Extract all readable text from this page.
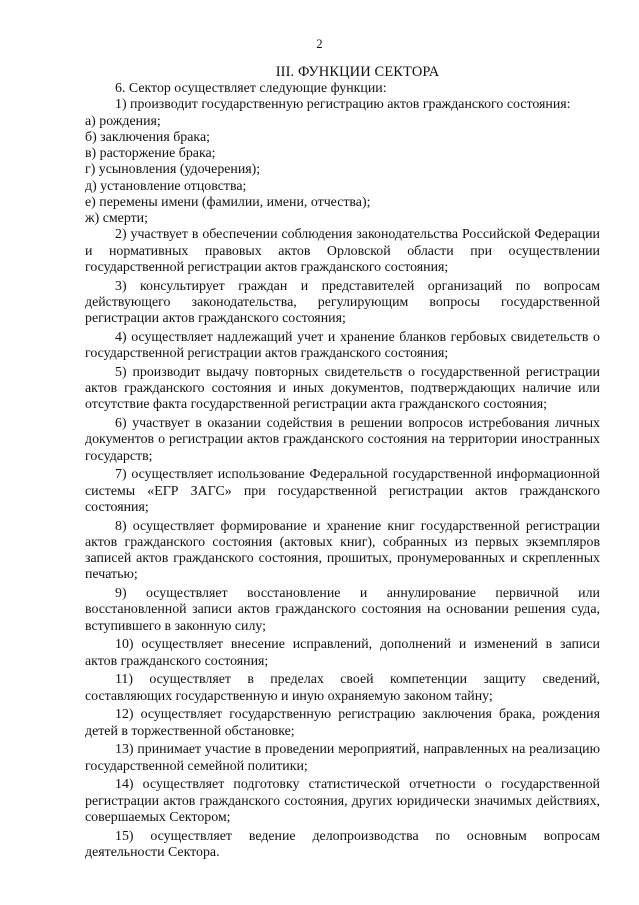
2
III. ФУНКЦИИ СЕКТОРА

6. Сектор осуществляет следующие функции:

1) производит государственную регистрацию актов гражданского состояния:

а) рождения;

б) заключения брака;

в) расторжение брака;

г) усыновления (удочерения);

д) установление отцовства;

е) перемены имени (фамилии, имени, отчества);

ж) смерти;

2) участвует в обеспечении соблюдения законодательства Российской Федерации и нормативных правовых актов Орловской области при осуществлении государственной регистрации актов гражданского состояния;

3) консультирует граждан и представителей организаций по вопросам действующего законодательства, регулирующим вопросы государственной регистрации актов гражданского состояния;

4) осуществляет надлежащий учет и хранение бланков гербовых свидетельств о государственной регистрации актов гражданского состояния;

5) производит выдачу повторных свидетельств о государственной регистрации актов гражданского состояния и иных документов, подтверждающих наличие или отсутствие факта государственной регистрации акта гражданского состояния;

6) участвует в оказании содействия в решении вопросов истребования личных документов о регистрации актов гражданского состояния на территории иностранных государств;

7) осуществляет использование Федеральной государственной информационной системы «ЕГР ЗАГС» при государственной регистрации актов гражданского состояния;

8) осуществляет формирование и хранение книг государственной регистрации актов гражданского состояния (актовых книг), собранных из первых экземпляров записей актов гражданского состояния, прошитых, пронумерованных и скрепленных печатью;

9) осуществляет восстановление и аннулирование первичной или восстановленной записи актов гражданского состояния на основании решения суда, вступившего в законную силу;

10) осуществляет внесение исправлений, дополнений и изменений в записи актов гражданского состояния;

11) осуществляет в пределах своей компетенции защиту сведений, составляющих государственную и иную охраняемую законом тайну;

12) осуществляет государственную регистрацию заключения брака, рождения детей в торжественной обстановке;

13) принимает участие в проведении мероприятий, направленных на реализацию государственной семейной политики;

14) осуществляет подготовку статистической отчетности о государственной регистрации актов гражданского состояния, других юридически значимых действиях, совершаемых Сектором;

15) осуществляет ведение делопроизводства по основным вопросам деятельности Сектора.
